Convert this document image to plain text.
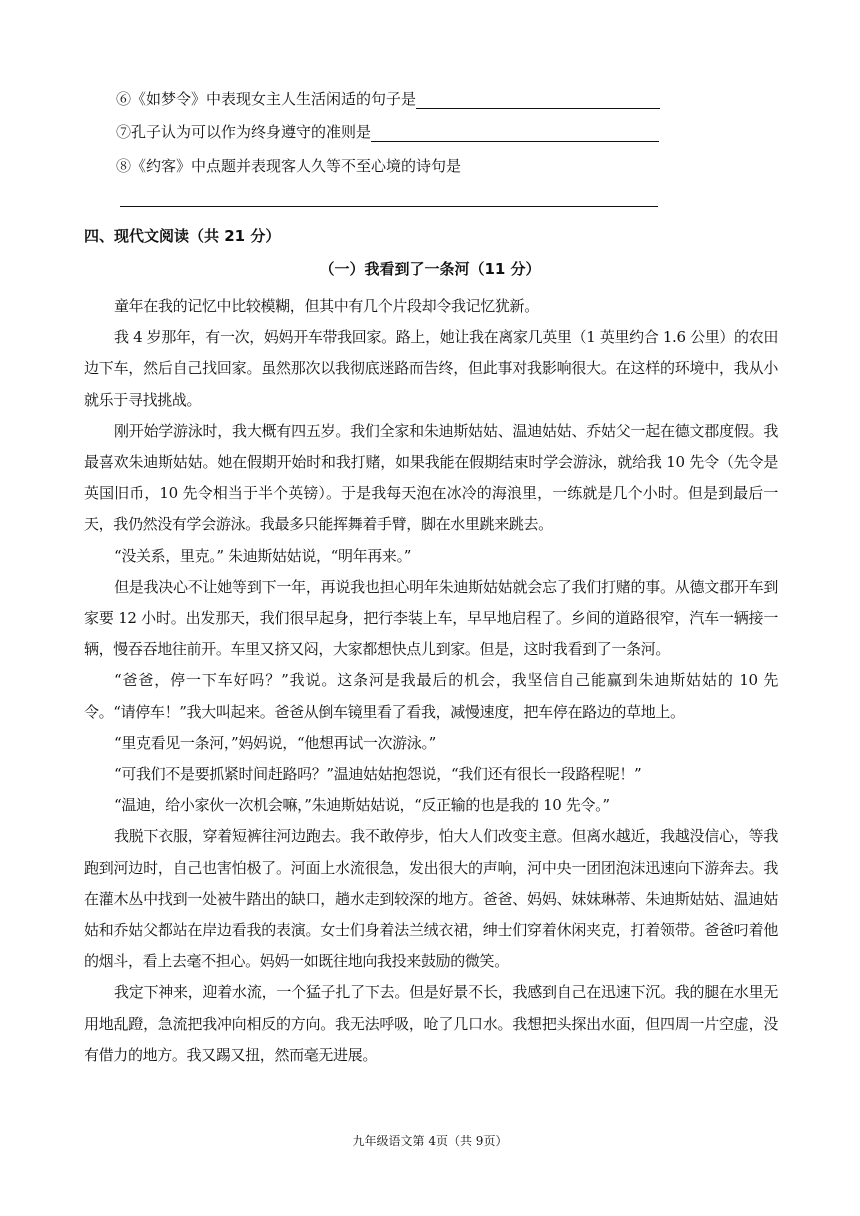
⑥《如梦令》中表现女主人生活闲适的句子是
⑦孔子认为可以作为终身遵守的准则是
⑧《约客》中点题并表现客人久等不至心境的诗句是
四、现代文阅读（共 21 分）
（一）我看到了一条河（11 分）

童年在我的记忆中比较模糊，但其中有几个片段却令我记忆犹新。

我 4 岁那年，有一次，妈妈开车带我回家。路上，她让我在离家几英里（1 英里约合 1.6 公里）的农田边下车，然后自己找回家。虽然那次以我彻底迷路而告终，但此事对我影响很大。在这样的环境中，我从小就乐于寻找挑战。

刚开始学游泳时，我大概有四五岁。我们全家和朱迪斯姑姑、温迪姑姑、乔姑父一起在德文郡度假。我最喜欢朱迪斯姑姑。她在假期开始时和我打赌，如果我能在假期结束时学会游泳，就给我 10 先令（先令是英国旧币，10 先令相当于半个英镑）。于是我每天泡在冰冷的海浪里，一练就是几个小时。但是到最后一天，我仍然没有学会游泳。我最多只能挥舞着手臂，脚在水里跳来跳去。

“没关系，里克。” 朱迪斯姑姑说，“明年再来。”

但是我决心不让她等到下一年，再说我也担心明年朱迪斯姑姑就会忘了我们打赌的事。从德文郡开车到家要 12 小时。出发那天，我们很早起身，把行李装上车，早早地启程了。乡间的道路很窄，汽车一辆接一辆，慢吞吞地往前开。车里又挤又闷，大家都想快点儿到家。但是，这时我看到了一条河。

“爸爸，停一下车好吗？”我说。这条河是我最后的机会，我坚信自己能赢到朱迪斯姑姑的 10 先令。“请停车！”我大叫起来。爸爸从倒车镜里看了看我，减慢速度，把车停在路边的草地上。

“里克看见一条河，”妈妈说，“他想再试一次游泳。”

“可我们不是要抓紧时间赶路吗？”温迪姑姑抱怨说，“我们还有很长一段路程呢！”

“温迪，给小家伙一次机会嘛，”朱迪斯姑姑说，“反正输的也是我的 10 先令。”

我脱下衣服，穿着短裤往河边跑去。我不敢停步，怕大人们改变主意。但离水越近，我越没信心，等我跑到河边时，自己也害怕极了。河面上水流很急，发出很大的声响，河中央一团团泡沫迅速向下游奔去。我在灌木丛中找到一处被牛踏出的缺口，趟水走到较深的地方。爸爸、妈妈、妹妹琳蒂、朱迪斯姑姑、温迪姑姑和乔姑父都站在岸边看我的表演。女士们身着法兰绒衣裙，绅士们穿着休闲夹克，打着领带。爸爸叼着他的烟斗，看上去毫不担心。妈妈一如既往地向我投来鼓励的微笑。

我定下神来，迎着水流，一个猛子扎了下去。但是好景不长，我感到自己在迅速下沉。我的腿在水里无用地乱蹬，急流把我冲向相反的方向。我无法呼吸，呛了几口水。我想把头探出水面，但四周一片空虚，没有借力的地方。我又踢又扭，然而毫无进展。

九年级语文第 4页（共 9页）
